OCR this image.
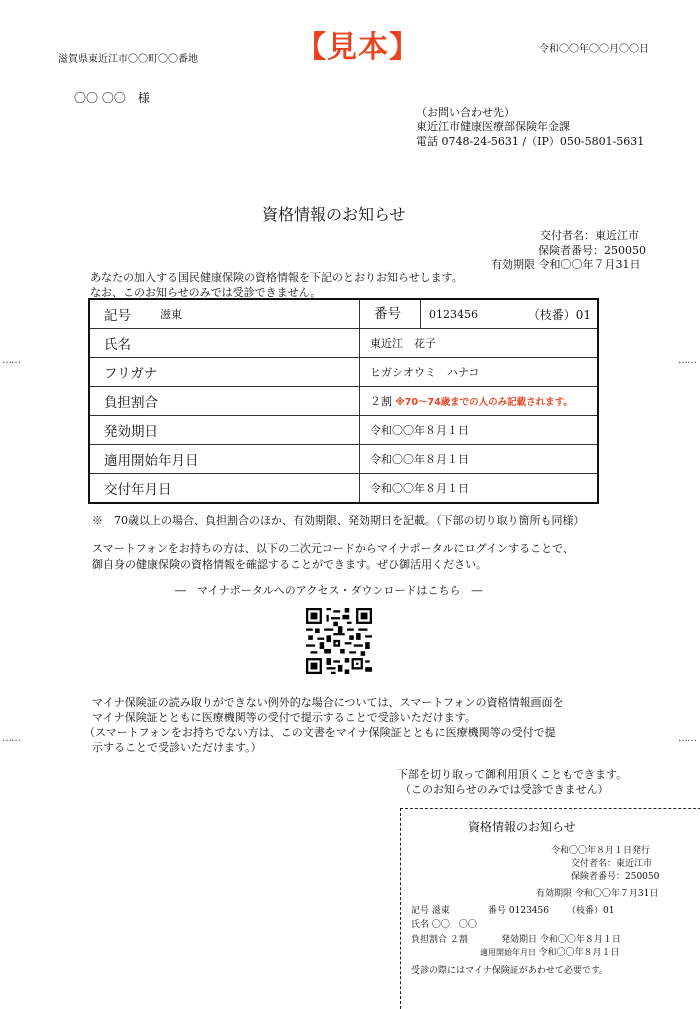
【見本】
滋賀県東近江市〇〇町〇〇番地
令和〇〇年〇〇月〇〇日
〇〇 〇〇　様
（お問い合わせ先）
東近江市健康医療部保険年金課
電話 0748-24-5631 /（IP）050-5801-5631
資格情報のお知らせ
交付者名：東近江市
保険者番号：250050
有効期限 令和〇〇年７月31日
あなたの加入する国民健康保険の資格情報を下記のとおりお知らせします。
なお、このお知らせのみでは受診できません。
記号 滋東	番号 0123456 （枝番）01

氏名	東近江　花子
フリガナ	ヒガシオウミ　ハナコ
負担割合	２割 ※70～74歳までの人のみ記載されます。
発効期日	令和〇〇年８月１日
適用開始年月日	令和〇〇年８月１日
交付年月日	令和〇〇年８月１日
※　70歳以上の場合、負担割合のほか、有効期限、発効期日を記載。（下部の切り取り箇所も同様）
スマートフォンをお持ちの方は、以下の二次元コードからマイナポータルにログインすることで、
御自身の健康保険の資格情報を確認することができます。ぜひ御活用ください。
―　マイナポータルへのアクセス・ダウンロードはこちら　―
マイナ保険証の読み取りができない例外的な場合については、スマートフォンの資格情報画面を
マイナ保険証とともに医療機関等の受付で提示することで受診いただけます。
（スマートフォンをお持ちでない方は、この文書をマイナ保険証とともに医療機関等の受付で提
示することで受診いただけます。）
下部を切り取って御利用頂くこともできます。
（このお知らせのみでは受診できません）
……	……
……	……
資格情報のお知らせ
令和〇〇年８月１日発行
交付者名：東近江市
保険者番号：250050
有効期限 令和〇〇年７月31日
記号 滋東	番号 0123456 （枝番）01
氏名 〇〇　〇〇
負担割合 ２割	発効期日 令和〇〇年８月１日
適用開始年月日 令和〇〇年８月１日
受診の際にはマイナ保険証があわせて必要です。
